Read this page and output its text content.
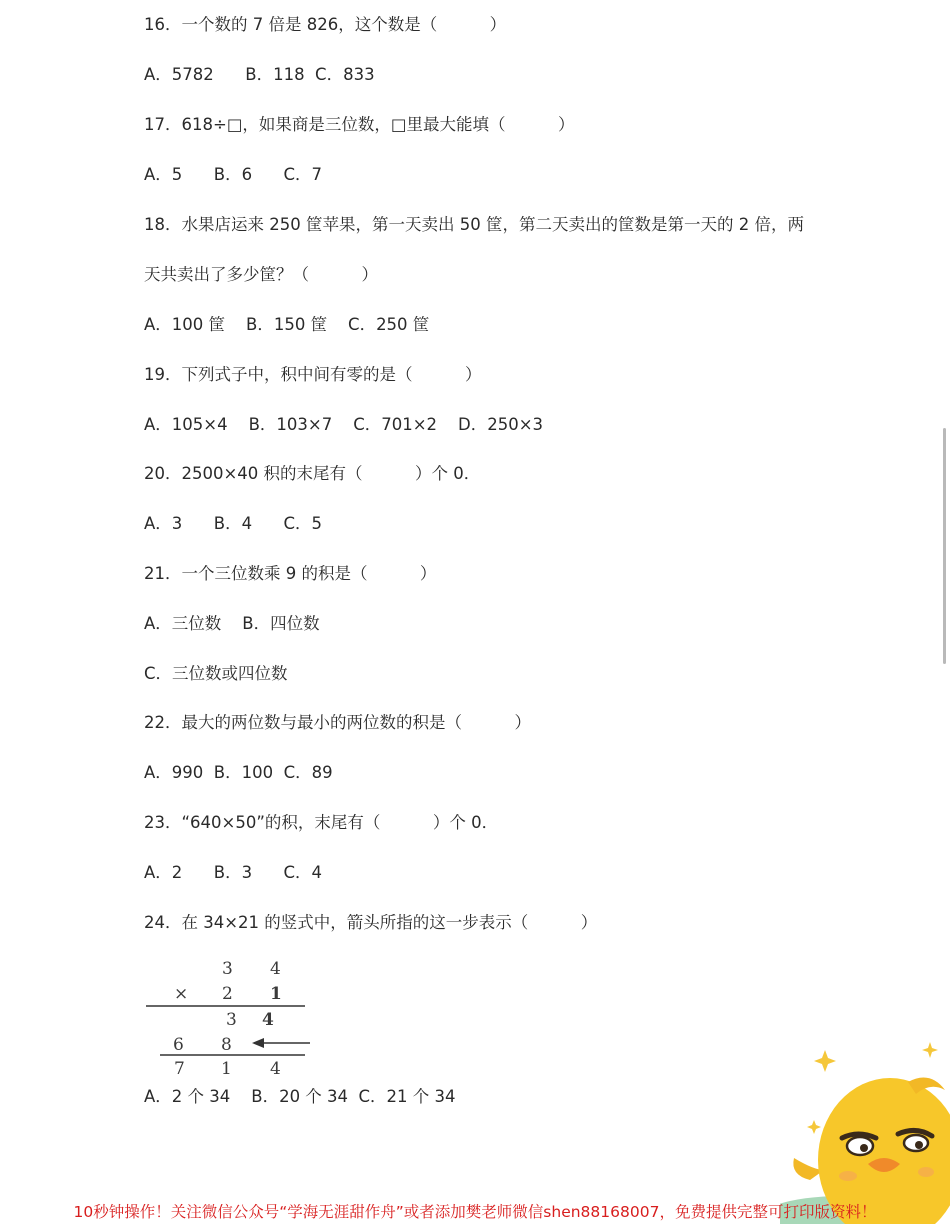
16．一个数的 7 倍是 826，这个数是（          ）
A．5782      B．118  C．833
17．618÷□，如果商是三位数，□里最大能填（          ）
A．5      B．6      C．7
18．水果店运来 250 筐苹果，第一天卖出 50 筐，第二天卖出的筐数是第一天的 2 倍，两
天共卖出了多少筐？（          ）
A．100 筐    B．150 筐    C．250 筐
19．下列式子中，积中间有零的是（          ）
A．105×4    B．103×7    C．701×2    D．250×3
20．2500×40 积的末尾有（          ）个 0．
A．3      B．4      C．5
21．一个三位数乘 9 的积是（          ）
A．三位数    B．四位数
C．三位数或四位数
22．最大的两位数与最小的两位数的积是（          ）
A．990  B．100  C．89
23．“640×50”的积，末尾有（          ）个 0．
A．2      B．3      C．4
24．在 34×21 的竖式中，箭头所指的这一步表示（          ）
3 4
× 2 1
3 4
6 8
7 1 4
A．2 个 34    B．20 个 34  C．21 个 34
10秒钟操作！关注微信公众号“学海无涯甜作舟”或者添加樊老师微信shen88168007，免费提供完整可打印版资料！
